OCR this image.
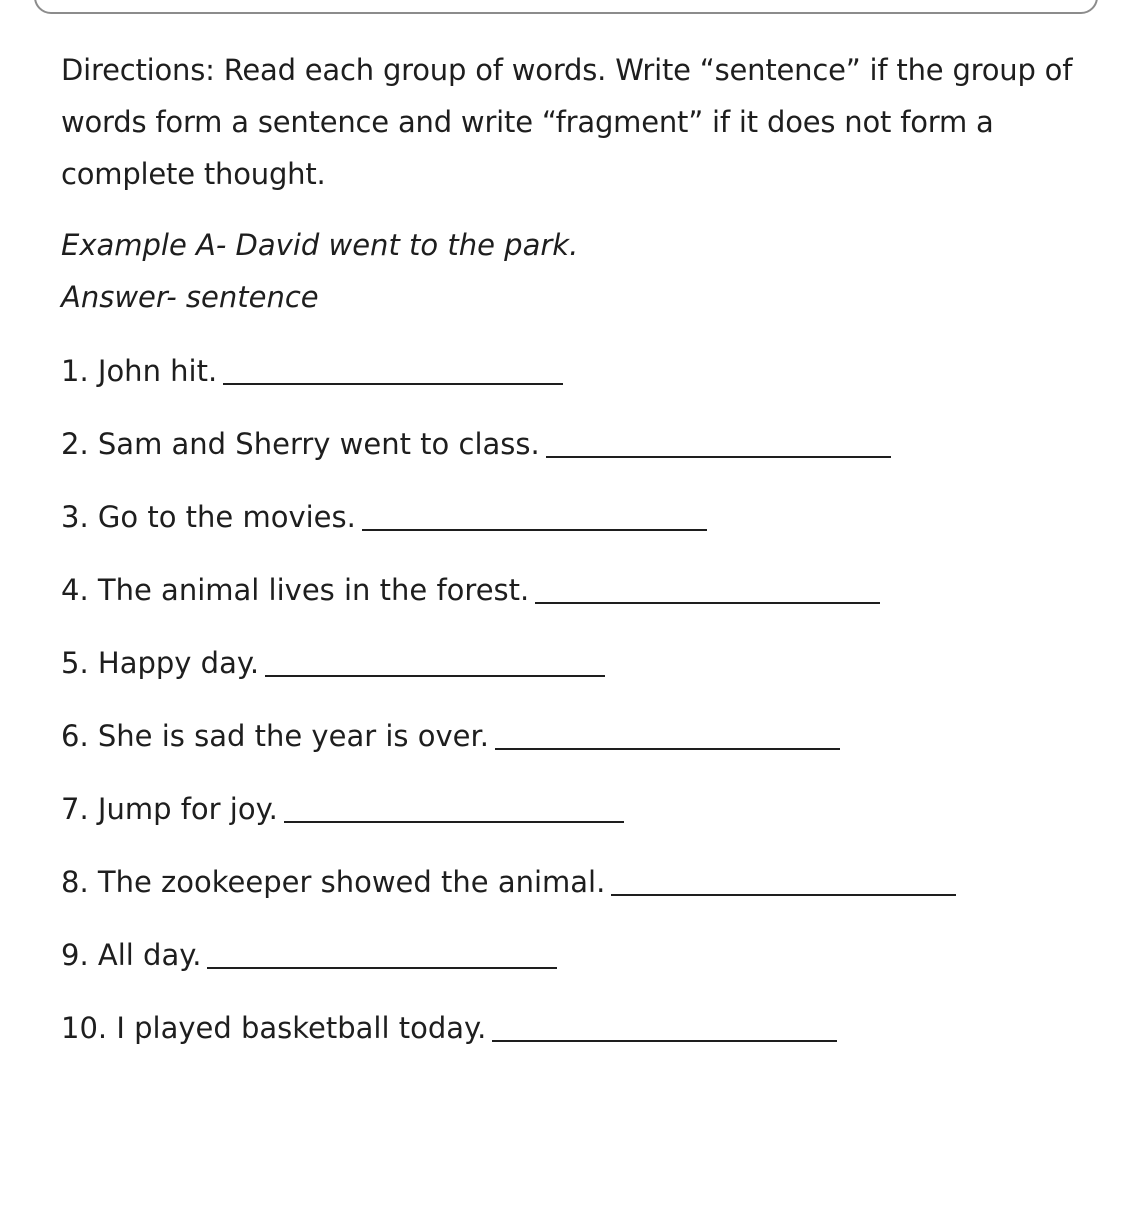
Directions: Read each group of words. Write “sentence” if the group of words form a sentence and write “fragment” if it does not form a complete thought.

Example A- David went to the park.

Answer- sentence

1. John hit.
2. Sam and Sherry went to class.
3. Go to the movies.
4. The animal lives in the forest.
5. Happy day.
6. She is sad the year is over.
7. Jump for joy.
8. The zookeeper showed the animal.
9. All day.
10. I played basketball today.
